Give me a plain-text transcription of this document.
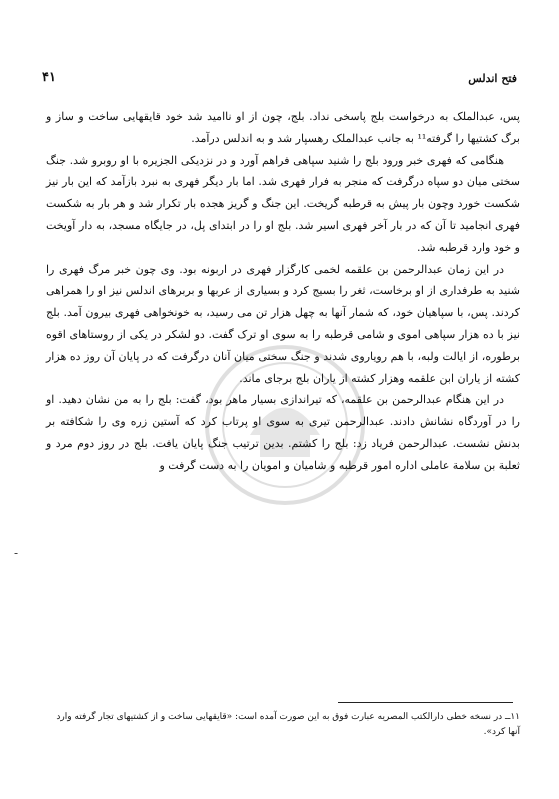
فتح اندلس
۴۱

پس، عبدالملک به درخواست بلج پاسخی نداد. بلج، چون از او ناامید شد خود قایقهایی ساخت و ساز و برگ کشتیها را گرفته¹¹ به جانب عبدالملک رهسپار شد و به اندلس درآمد.

هنگامی که فهری خبر ورود بلج را شنید سپاهی فراهم آورد و در نزدیکی الجزیره با او روبرو شد. جنگ سختی میان دو سپاه درگرفت که منجر به فرار فهری شد. اما بار دیگر فهری به نبرد بازآمد که این بار نیز شکست خورد وچون بار پیش به قرطبه گریخت. این جنگ و گریز هجده بار تکرار شد و هر بار به شکست فهری انجامید تا آن که در بار آخر فهری اسیر شد. بلج او را در ابتدای پل، در جایگاه مسجد، به دار آویخت و خود وارد قرطبه شد.

در این زمان عبدالرحمن بن علقمه لخمی کارگزار فهری در اربونه بود. وی چون خبر مرگ فهری را شنید به طرفداری از او برخاست، ثغر را بسیج کرد و بسیاری از عربها و بربرهای اندلس نیز او را همراهی کردند. پس، با سپاهیان خود، که شمار آنها به چهل هزار تن می رسید، به خونخواهی فهری بیرون آمد. بلج نیز با ده هزار سپاهی اموی و شامی قرطبه را به سوی او ترک گفت. دو لشکر در یکی از روستاهای اقوه برطوره، از ایالت ولبه، با هم رویاروی شدند و جنگ سختی میان آنان درگرفت که در پایان آن روز ده هزار کشته از یاران ابن علقمه وهزار کشته از یاران بلج برجای ماند.

در این هنگام عبدالرحمن بن علقمه، که تیراندازی بسیار ماهر بود، گفت: بلج را به من نشان دهید. او را در آوردگاه نشانش دادند. عبدالرحمن تیری به سوی او پرتاب کرد که آستین زره وی را شکافته بر بدنش نشست. عبدالرحمن فریاد زد: بلج را کشتم. بدین ترتیب جنگ پایان یافت. بلج در روز دوم مرد و ثعلبة بن سلامة عاملی اداره امور قرطبه و شامیان و امویان را به دست گرفت و

-
۱۱ــ در نسخه خطی دارالکتب المصریه عبارت فوق به این صورت آمده است: «قایقهایی ساخت و از کشتیهای تجار گرفته وارد آنها کرد».
